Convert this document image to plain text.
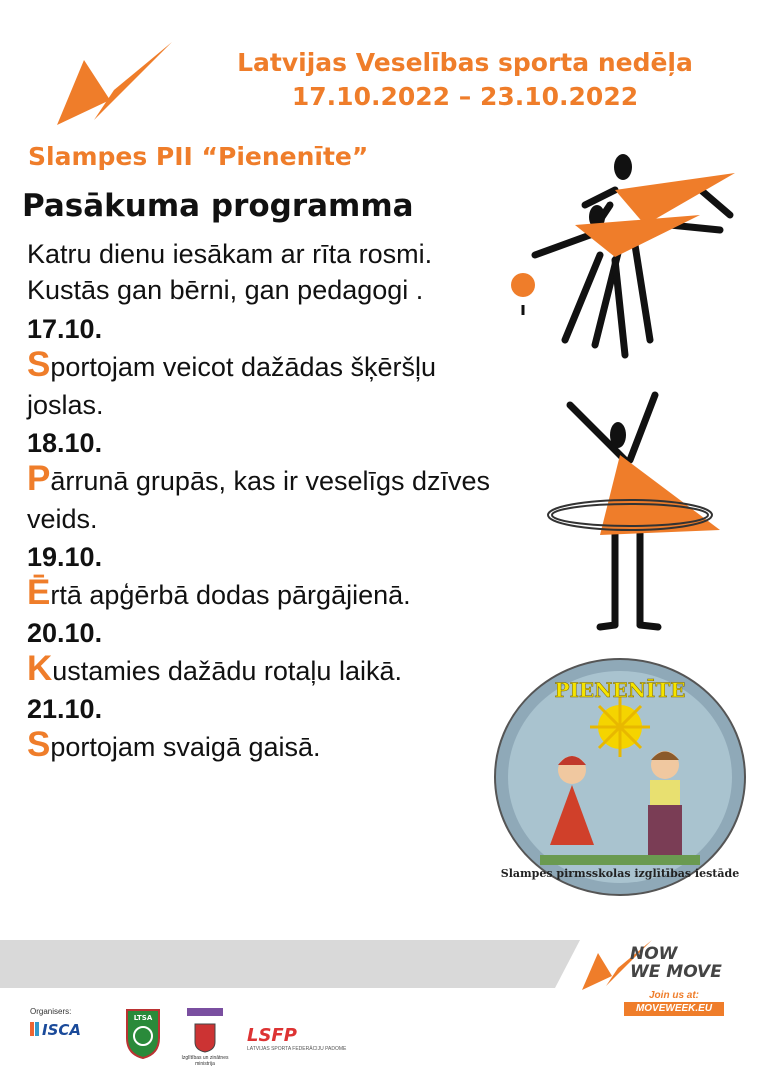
Latvijas Veselības sporta nedēļa
17.10.2022 – 23.10.2022
Slampes PII “Pienenīte”
Pasākuma programma
Katru dienu iesākam ar rīta rosmi. Kustās gan bērni, gan pedagogi .
17.10.
Sportojam veicot dažādas šķēršļu joslas.
18.10.
Pārrunā grupās, kas ir veselīgs dzīves veids.
19.10.
Ērtā apģērbā dodas pārgājienā.
20.10.
Kustamies dažādu rotaļu laikā.
21.10.
Sportojam svaigā gaisā.
PIENENĪTE
Slampes pirmsskolas izglītības iestāde
NOW
WE MOVE
Join us at:
MOVEWEEK.EU
Organisers:
ISCA
LTSA
Izglītības un zinātnes ministrija
LSFP
LATVIJAS SPORTA FEDERĀCIJU PADOME
